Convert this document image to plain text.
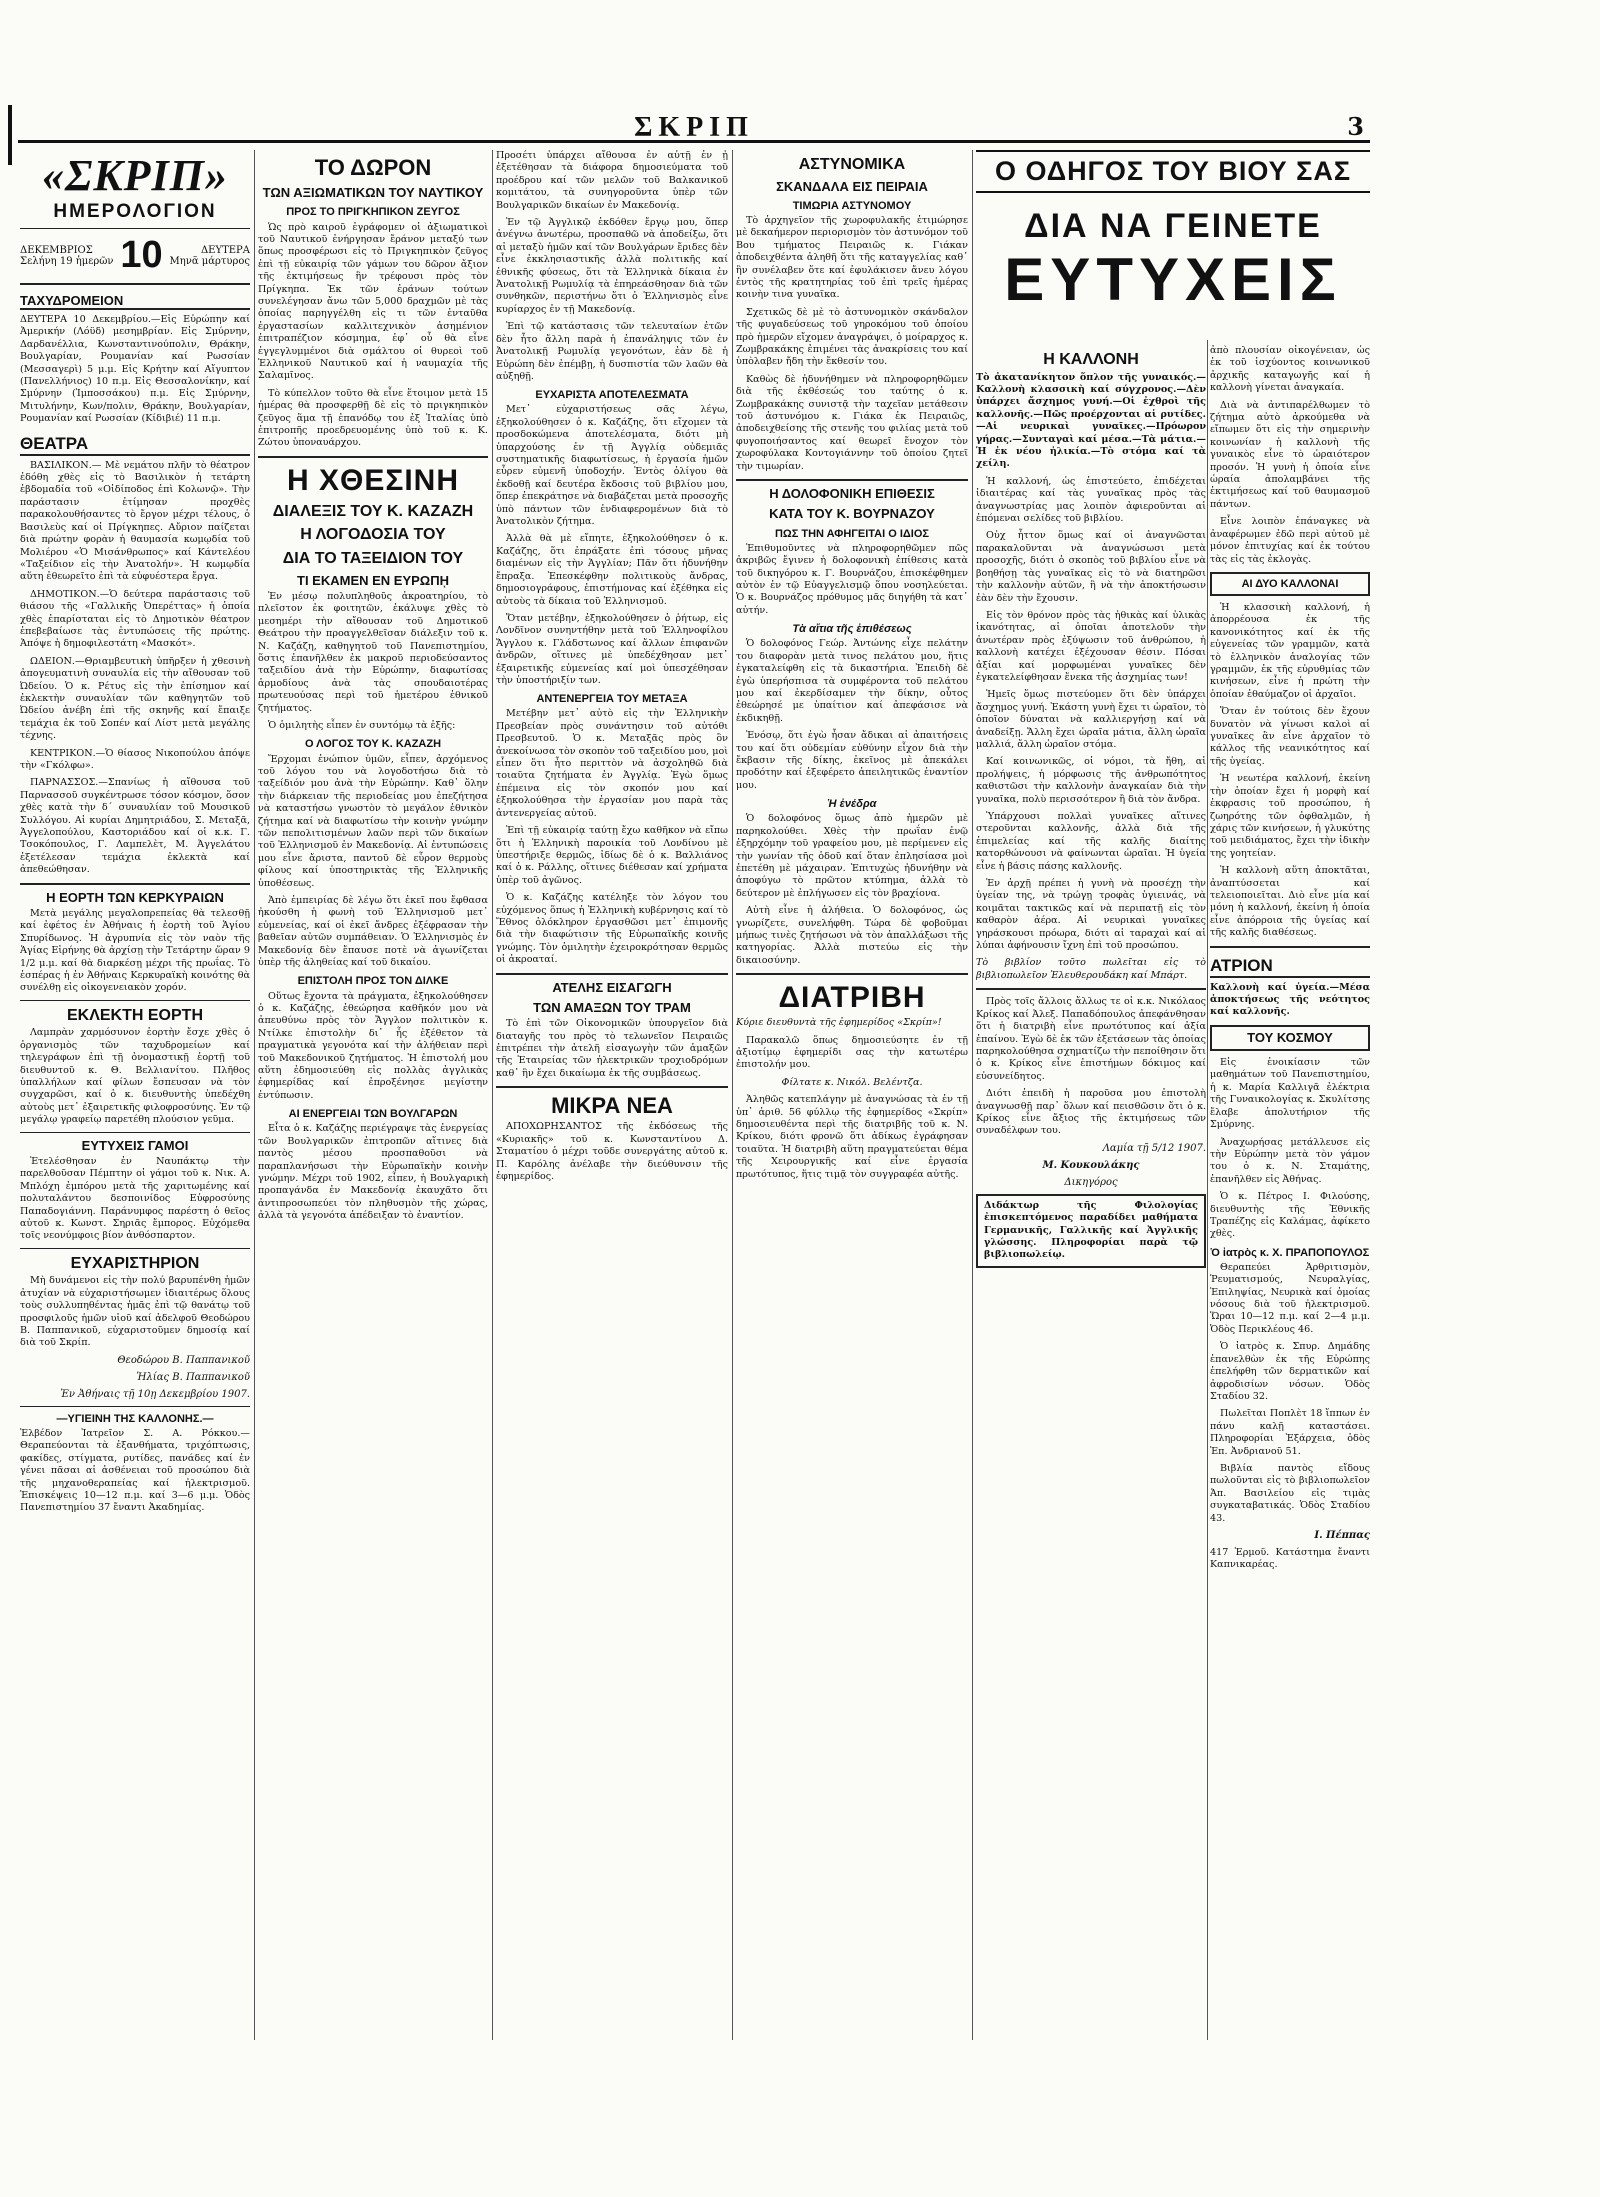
ΣΚΡΙΠ	3
«ΣΚΡΙΠ»
ΗΜΕΡΟΛΟΓΙΟΝ
ΔΕΚΕΜΒΡΙΟΣ
Σελήνη 19 ἡμερῶν 10	ΔΕΥΤΕΡΑ
Μηνᾶ μάρτυρος
ΤΑΧΥΔΡΟΜΕΙΟΝ

ΔΕΥΤΕΡΑ 10 Δεκεμβρίου.—Εἰς Εὐρώπην καί Ἀμερικήν (Λόϋδ) μεσημβρίαν. Εἰς Σμύρνην, Δαρδανέλλια, Κωνσταντινούπολιν, Θράκην, Βουλγαρίαν, Ρουμανίαν καί Ρωσσίαν (Μεσσαγερὶ) 5 μ.μ. Εἰς Κρήτην καί Αἴγυπτον (Πανελλήνιος) 10 π.μ. Εἰς Θεσσαλονίκην, καί Σμύρνην (Ἰμποσσάκου) π.μ. Εἰς Σμύρνην, Μιτυλήνην, Κων/πολιν, Θράκην, Βουλγαρίαν, Ρουμανίαν καί Ρωσσίαν (Κίδιβιέ) 11 π.μ.

ΘΕΑΤΡΑ

ΒΑΣΙΛΙΚΟΝ.— Μὲ νεμάτου πλῆν τὸ θέατρον ἐδόθη χθὲς εἰς τὸ Βασιλικὸν ἡ τετάρτη ἐβδομαδία τοῦ «Οἰδίποδος ἐπὶ Κολωνῷ». Τὴν παράστασιν ἐτίμησαν προχθὲς παρακολουθήσαντες τὸ ἔργον μέχρι τέλους, ὁ Βασιλεὺς καί οἱ Πρίγκηπες. Αὔριον παίζεται διὰ πρώτην φορὰν ἡ θαυμασία κωμῳδία τοῦ Μολιέρου «Ὁ Μισάνθρωπος» καί Κάντελέου «Ταξείδιον εἰς τὴν Ἀνατολήν». Ἡ κωμῳδία αὕτη ἐθεωρεῖτο ἐπὶ τὰ εὐφυέστερα ἔργα.

ΔΗΜΟΤΙΚΟΝ.—Ὁ δεύτερα παράστασις τοῦ θιάσου τῆς «Γαλλικῆς Ὀπερέττας» ἡ ὁποία χθὲς ἐπαρίσταται εἰς τὸ Δημοτικὸν θέατρον ἐπεβεβαίωσε τὰς ἐντυπώσεις τῆς πρώτης. Ἀπόψε ἡ δημοφιλεστάτη «Μασκότ».

ΩΔΕΙΟΝ.—Θριαμβευτικὴ ὑπῆρξεν ἡ χθεσινὴ ἀπογευματινὴ συναυλία εἰς τὴν αἴθουσαν τοῦ Ὠδείου. Ὁ κ. Ρέτυς εἰς τὴν ἐπίσημον καί ἐκλεκτὴν συναυλίαν τῶν καθηγητῶν τοῦ Ὠδείου ἀνέβη ἐπὶ τῆς σκηνῆς καί ἔπαιξε τεμάχια ἐκ τοῦ Σοπέν καί Λίστ μετὰ μεγάλης τέχνης.

ΚΕΝΤΡΙΚΟΝ.—Ὁ θίασος Νικοπούλου ἀπόψε τὴν «Γκόλφω».

ΠΑΡΝΑΣΣΟΣ.—Σπανίως ἡ αἴθουσα τοῦ Παρνασσοῦ συγκέντρωσε τόσον κόσμον, ὅσον χθὲς κατὰ τὴν δ΄ συναυλίαν τοῦ Μουσικοῦ Συλλόγου. Αἱ κυρίαι Δημητριάδου, Σ. Μεταξᾶ, Ἀγγελοπούλου, Καστοριάδου καί οἱ κ.κ. Γ. Τσοκόπουλος, Γ. Λαμπελὲτ, Μ. Ἀγγελάτου ἐξετέλεσαν τεμάχια ἐκλεκτὰ καί ἀπεθεώθησαν.

Η ΕΟΡΤΗ ΤΩΝ ΚΕΡΚΥΡΑΙΩΝ

Μετὰ μεγάλης μεγαλοπρεπείας θὰ τελεσθῇ καί ἐφέτος ἐν Ἀθήναις ἡ ἑορτὴ τοῦ Ἁγίου Σπυρίδωνος. Ἡ ἀγρυπνία εἰς τὸν ναὸν τῆς Ἁγίας Εἰρήνης θὰ ἀρχίσῃ τὴν Τετάρτην ὥραν 9 1/2 μ.μ. καί θὰ διαρκέσῃ μέχρι τῆς πρωΐας. Τὸ ἑσπέρας ἡ ἐν Ἀθήναις Κερκυραϊκὴ κοινότης θὰ συνέλθῃ εἰς οἰκογενειακὸν χορόν.

ΕΚΛΕΚΤΗ ΕΟΡΤΗ

Λαμπρὰν χαρμόσυνον ἑορτὴν ἔσχε χθὲς ὁ ὀργανισμὸς τῶν ταχυδρομείων καί τηλεγράφων ἐπὶ τῇ ὀνομαστικῇ ἑορτῇ τοῦ διευθυντοῦ κ. Θ. Βελλιανίτου. Πλῆθος ὑπαλλήλων καί φίλων ἔσπευσαν νὰ τὸν συγχαρῶσι, καί ὁ κ. διευθυντὴς ὑπεδέχθη αὐτοὺς μετ᾽ ἐξαιρετικῆς φιλοφροσύνης. Ἐν τῷ μεγάλῳ γραφείῳ παρετέθη πλούσιον γεῦμα.

ΕΥΤΥΧΕΙΣ ΓΑΜΟΙ

Ἐτελέσθησαν ἐν Ναυπάκτῳ τὴν παρελθοῦσαν Πέμπτην οἱ γάμοι τοῦ κ. Νικ. Α. Μπλόχη ἐμπόρου μετὰ τῆς χαριτωμένης καί πολυταλάντου δεσποινίδος Εὐφροσύνης Παπαδογιάννη. Παράνυμφος παρέστη ὁ θεῖος αὐτοῦ κ. Κωνστ. Σηριᾶς ἔμπορος. Εὐχόμεθα τοῖς νεονύμφοις βίον ἀνθόσπαρτον.

ΕΥΧΑΡΙΣΤΗΡΙΟΝ

Μὴ δυνάμενοι εἰς τὴν πολύ βαρυπένθη ἡμῶν ἀτυχίαν νὰ εὐχαριστήσωμεν ἰδιαιτέρως ὅλους τοὺς συλλυπηθέντας ἡμᾶς ἐπὶ τῷ θανάτῳ τοῦ προσφιλοῦς ἡμῶν υἱοῦ καί ἀδελφοῦ Θεοδώρου Β. Παππανικοῦ, εὐχαριστοῦμεν δημοσίᾳ καί διὰ τοῦ Σκρίπ.

Θεοδώρου Β. Παππανικοῦ
Ἡλίας Β. Παππανικοῦ
Ἐν Ἀθήναις τῇ 10ῃ Δεκεμβρίου 1907.
—ΥΓΙΕΙΝΗ ΤΗΣ ΚΑΛΛΟΝΗΣ.—

Ἐλβέδον Ἰατρεῖον Σ. Α. Ρόκκου.—Θεραπεύονται τὰ ἐξανθήματα, τριχόπτωσις, φακίδες, στίγματα, ρυτίδες, πανάδες καί ἐν γένει πᾶσαι αἱ ἀσθένειαι τοῦ προσώπου διὰ τῆς μηχανοθεραπείας καί ἠλεκτρισμοῦ. Ἐπισκέψεις 10—12 π.μ. καί 3—6 μ.μ. Ὁδὸς Πανεπιστημίου 37 ἔναντι Ἀκαδημίας.

ΤΟ ΔΩΡΟΝ
ΤΩΝ ΑΞΙΩΜΑΤΙΚΩΝ ΤΟΥ ΝΑΥΤΙΚΟΥ
ΠΡΟΣ ΤΟ ΠΡΙΓΚΗΠΙΚΟΝ ΖΕΥΓΟΣ

Ὡς πρὸ καιροῦ ἐγράφομεν οἱ ἀξιωματικοὶ τοῦ Ναυτικοῦ ἐνήργησαν ἔράνον μεταξύ των ὅπως προσφέρωσι εἰς τὸ Πριγκηπικὸν ζεῦγος ἐπὶ τῇ εὐκαιρίᾳ τῶν γάμων του δῶρον ἄξιον τῆς ἐκτιμήσεως ἣν τρέφουσι πρὸς τὸν Πρίγκηπα. Ἐκ τῶν ἐράνων τούτων συνελέγησαν ἄνω τῶν 5,000 δραχμῶν μὲ τὰς ὁποίας παρηγγέλθη εἰς τι τῶν ἐνταῦθα ἐργαστασίων καλλιτεχνικὸν ἀσημένιον ἐπιτραπέζιον κόσμημα, ἐφ᾽ οὗ θὰ εἶνε ἐγγεγλυμμένοι διὰ σμάλτου οἱ θυρεοὶ τοῦ Ἑλληνικοῦ Ναυτικοῦ καί ἡ ναυμαχία τῆς Σαλαμῖνος.

Τὸ κύπελλον τοῦτο θὰ εἶνε ἕτοιμον μετὰ 15 ἡμέρας θὰ προσφερθῇ δὲ εἰς τὸ πριγκηπικὸν ζεῦγος ἅμα τῇ ἐπανόδῳ του ἐξ Ἰταλίας ὑπὸ ἐπιτροπῆς προεδρευομένης ὑπὸ τοῦ κ. Κ. Ζώτου ὑποναυάρχου.

Η ΧΘΕΣΙΝΗ
ΔΙΑΛΕΞΙΣ ΤΟΥ Κ. ΚΑΖΑΖΗ
Η ΛΟΓΟΔΟΣΙΑ ΤΟΥ
ΔΙΑ ΤΟ ΤΑΞΕΙΔΙΟΝ ΤΟΥ
ΤΙ ΕΚΑΜΕΝ ΕΝ ΕΥΡΩΠῌ

Ἐν μέσῳ πολυπληθοῦς ἀκροατηρίου, τὸ πλεῖστον ἐκ φοιτητῶν, ἐκάλυψε χθὲς τὸ μεσημέρι τὴν αἴθουσαν τοῦ Δημοτικοῦ Θεάτρου τὴν προαγγελθεῖσαν διάλεξιν τοῦ κ. Ν. Καζάζη, καθηγητοῦ τοῦ Πανεπιστημίου, ὅστις ἐπανῆλθεν ἐκ μακροῦ περιοδεύσαντος ταξειδίου ἀνὰ τὴν Εὐρώπην, διαφωτίσας ἁρμοδίους ἀνὰ τὰς σπουδαιοτέρας πρωτευούσας περὶ τοῦ ἡμετέρου ἐθνικοῦ ζητήματος.

Ὁ ὁμιλητὴς εἶπεν ἐν συντόμῳ τὰ ἑξῆς:

Ο ΛΟΓΟΣ ΤΟΥ Κ. ΚΑΖΑΖΗ

Ἔρχομαι ἐνώπιον ὑμῶν, εἶπεν, ἀρχόμενος τοῦ λόγου του νὰ λογοδοτήσω διὰ τὸ ταξείδιόν μου ἀνὰ τὴν Εὐρώπην. Καθ᾽ ὅλην τὴν διάρκειαν τῆς περιοδείας μου ἐπεζήτησα νὰ καταστήσω γνωστὸν τὸ μεγάλον ἐθνικὸν ζήτημα καί νὰ διαφωτίσω τὴν κοινὴν γνώμην τῶν πεπολιτισμένων λαῶν περὶ τῶν δικαίων τοῦ Ἑλληνισμοῦ ἐν Μακεδονίᾳ. Αἱ ἐντυπώσεις μου εἶνε ἄριστα, παντοῦ δὲ εὗρον θερμοὺς φίλους καί ὑποστηρικτὰς τῆς Ἑλληνικῆς ὑποθέσεως.

Ἀπὸ ἐμπειρίας δὲ λέγω ὅτι ἐκεῖ που ἔφθασα ἠκούσθη ἡ φωνὴ τοῦ Ἑλληνισμοῦ μετ᾽ εὐμενείας, καί οἱ ἐκεῖ ἄνδρες ἐξέφρασαν τὴν βαθεῖαν αὐτῶν συμπάθειαν. Ὁ Ἑλληνισμὸς ἐν Μακεδονίᾳ δὲν ἔπαυσε ποτὲ νὰ ἀγωνίζεται ὑπὲρ τῆς ἀληθείας καί τοῦ δικαίου.

ΕΠΙΣΤΟΛΗ ΠΡΟΣ ΤΟΝ ΔΙΛΚΕ

Οὕτως ἔχοντα τὰ πράγματα, ἐξηκολούθησεν ὁ κ. Καζάζης, ἐθεώρησα καθῆκόν μου νὰ ἀπευθύνω πρὸς τὸν Ἄγγλον πολιτικὸν κ. Ντίλκε ἐπιστολὴν δι᾽ ἧς ἐξέθετον τὰ πραγματικὰ γεγονότα καί τὴν ἀλήθειαν περὶ τοῦ Μακεδονικοῦ ζητήματος. Ἡ ἐπιστολή μου αὕτη ἐδημοσιεύθη εἰς πολλὰς ἀγγλικὰς ἐφημερίδας καί ἐπροξένησε μεγίστην ἐντύπωσιν.

ΑΙ ΕΝΕΡΓΕΙΑΙ ΤΩΝ ΒΟΥΛΓΑΡΩΝ

Εἶτα ὁ κ. Καζάζης περιέγραψε τὰς ἐνεργείας τῶν Βουλγαρικῶν ἐπιτροπῶν αἵτινες διὰ παντὸς μέσου προσπαθοῦσι νὰ παραπλανήσωσι τὴν Εὐρωπαϊκὴν κοινὴν γνώμην. Μέχρι τοῦ 1902, εἶπεν, ἡ Βουλγαρικὴ προπαγάνδα ἐν Μακεδονίᾳ ἐκαυχᾶτο ὅτι ἀντιπροσωπεύει τὸν πληθυσμὸν τῆς χώρας, ἀλλὰ τὰ γεγονότα ἀπέδειξαν τὸ ἐναντίον.

Προσέτι ὑπάρχει αἴθουσα ἐν αὐτῇ ἐν ᾗ ἐξετέθησαν τὰ διάφορα δημοσιεύματα τοῦ προέδρου καί τῶν μελῶν τοῦ Βαλκανικοῦ κομιτάτου, τὰ συνηγοροῦντα ὑπὲρ τῶν Βουλγαρικῶν δικαίων ἐν Μακεδονίᾳ.

Ἐν τῷ Ἀγγλικῷ ἐκδόθεν ἔργῳ μου, ὅπερ ἀνέγνω ἀνωτέρω, προσπαθῶ νὰ ἀποδείξω, ὅτι αἱ μεταξὺ ἡμῶν καί τῶν Βουλγάρων ἔριδες δὲν εἶνε ἐκκλησιαστικῆς ἀλλὰ πολιτικῆς καί ἐθνικῆς φύσεως, ὅτι τὰ Ἑλληνικὰ δίκαια ἐν Ἀνατολικῇ Ρωμυλίᾳ τὰ ἐπηρεάσθησαν διὰ τῶν συνθηκῶν, περιστήνω ὅτι ὁ Ἑλληνισμὸς εἶνε κυρίαρχος ἐν τῇ Μακεδονίᾳ.

Ἐπὶ τῷ κατάστασις τῶν τελευταίων ἐτῶν δὲν ἦτο ἄλλη παρὰ ἡ ἐπανάληψις τῶν ἐν Ἀνατολικῇ Ρωμυλίᾳ γεγονότων, ἐὰν δὲ ἡ Εὐρώπη δὲν ἐπέμβῃ, ἡ δυσπιστία τῶν λαῶν θὰ αὐξηθῇ.

ΕΥΧΑΡΙΣΤΑ ΑΠΟΤΕΛΕΣΜΑΤΑ

Μετ᾽ εὐχαριστήσεως σᾶς λέγω, ἐξηκολούθησεν ὁ κ. Καζάζης, ὅτι εἴχομεν τὰ προσδοκώμενα ἀποτελέσματα, διότι μὴ ὑπαρχούσης ἐν τῇ Ἀγγλίᾳ οὐδεμιᾶς συστηματικῆς διαφωτίσεως, ἡ ἐργασία ἡμῶν εὗρεν εὐμενῆ ὑποδοχήν. Ἐντὸς ὀλίγου θὰ ἐκδοθῇ καί δευτέρα ἔκδοσις τοῦ βιβλίου μου, ὅπερ ἐπεκράτησε νὰ διαβάζεται μετὰ προσοχῆς ὑπὸ πάντων τῶν ἐνδιαφερομένων διὰ τὸ Ἀνατολικὸν ζήτημα.

Ἀλλὰ θὰ μὲ εἴπητε, ἐξηκολούθησεν ὁ κ. Καζάζης, ὅτι ἐπράξατε ἐπὶ τόσους μῆνας διαμένων εἰς τὴν Ἀγγλίαν; Πᾶν ὅτι ἠδυνήθην ἔπραξα. Ἐπεσκέφθην πολιτικοὺς ἄνδρας, δημοσιογράφους, ἐπιστήμονας καί ἐξέθηκα εἰς αὐτοὺς τὰ δίκαια τοῦ Ἑλληνισμοῦ.

Ὅταν μετέβην, ἐξηκολούθησεν ὁ ῥήτωρ, εἰς Λονδῖνον συνηντήθην μετὰ τοῦ Ἑλληνοφίλου Ἄγγλου κ. Γλάδστωνος καί ἄλλων ἐπιφανῶν ἀνδρῶν, οἵτινες μὲ ὑπεδέχθησαν μετ᾽ ἐξαιρετικῆς εὐμενείας καί μοὶ ὑπεσχέθησαν τὴν ὑποστήριξίν των.

ΑΝΤΕΝΕΡΓΕΙΑ ΤΟΥ ΜΕΤΑΞΑ

Μετέβην μετ᾽ αὐτὸ εἰς τὴν Ἑλληνικὴν Πρεσβείαν πρὸς συνάντησιν τοῦ αὐτόθι Πρεσβευτοῦ. Ὁ κ. Μεταξᾶς πρὸς ὃν ἀνεκοίνωσα τὸν σκοπὸν τοῦ ταξειδίου μου, μοὶ εἶπεν ὅτι ἦτο περιττὸν νὰ ἀσχοληθῶ διὰ τοιαῦτα ζητήματα ἐν Ἀγγλίᾳ. Ἐγὼ ὅμως ἐπέμεινα εἰς τὸν σκοπόν μου καί ἐξηκολούθησα τὴν ἐργασίαν μου παρὰ τὰς ἀντενεργείας αὐτοῦ.

Ἐπὶ τῇ εὐκαιρίᾳ ταύτῃ ἔχω καθῆκον νὰ εἴπω ὅτι ἡ Ἑλληνικὴ παροικία τοῦ Λονδίνου μὲ ὑπεστήριξε θερμῶς, ἰδίως δὲ ὁ κ. Βαλλιάνος καί ὁ κ. Ράλλης, οἵτινες διέθεσαν καί χρήματα ὑπὲρ τοῦ ἀγῶνος.

Ὁ κ. Καζάζης κατέληξε τὸν λόγον του εὐχόμενος ὅπως ἡ Ἑλληνικὴ κυβέρνησις καί τὸ Ἔθνος ὁλόκληρον ἐργασθῶσι μετ᾽ ἐπιμονῆς διὰ τὴν διαφώτισιν τῆς Εὐρωπαϊκῆς κοινῆς γνώμης. Τὸν ὁμιλητὴν ἐχειροκρότησαν θερμῶς οἱ ἀκροαταί.

ΑΤΕΛΗΣ ΕΙΣΑΓΩΓΗ
ΤΩΝ ΑΜΑΞΩΝ ΤΟΥ ΤΡΑΜ

Τὸ ἐπὶ τῶν Οἰκονομικῶν ὑπουργεῖον διὰ διαταγῆς του πρὸς τὸ τελωνεῖον Πειραιῶς ἐπιτρέπει τὴν ἀτελῆ εἰσαγωγὴν τῶν ἁμαξῶν τῆς Ἑταιρείας τῶν ἠλεκτρικῶν τροχιοδρόμων καθ᾽ ἣν ἔχει δικαίωμα ἐκ τῆς συμβάσεως.

ΜΙΚΡΑ ΝΕΑ

ΑΠΟΧΩΡΗΣΑΝΤΟΣ τῆς ἐκδόσεως τῆς «Κυριακῆς» τοῦ κ. Κωνσταντίνου Δ. Σταματίου ὁ μέχρι τοῦδε συνεργάτης αὐτοῦ κ. Π. Καρόλης ἀνέλαβε τὴν διεύθυνσιν τῆς ἐφημερίδος.

ΑΣΤΥΝΟΜΙΚΑ
ΣΚΑΝΔΑΛΑ ΕΙΣ ΠΕΙΡΑΙΑ
ΤΙΜΩΡΙΑ ΑΣΤΥΝΟΜΟΥ

Τὸ ἀρχηγεῖον τῆς χωροφυλακῆς ἐτιμώρησε μὲ δεκαήμερον περιορισμὸν τὸν ἀστυνόμον τοῦ Βου τμήματος Πειραιῶς κ. Γιάκαν ἀποδειχθέντα ἀληθῆ ὅτι τῆς καταγγελίας καθ᾽ ἣν συνέλαβεν ὅτε καί ἐφυλάκισεν ἄνευ λόγου ἐντὸς τῆς κρατητηρίας τοῦ ἐπὶ τρεῖς ἡμέρας κοινὴν τινα γυναῖκα.

Σχετικῶς δὲ μὲ τὸ ἀστυνομικὸν σκάνδαλον τῆς φυγαδεύσεως τοῦ γηροκόμου τοῦ ὁποίου πρὸ ἡμερῶν εἴχομεν ἀναγράψει, ὁ μοίραρχος κ. Ζωμβρακάκης ἐπιμένει τὰς ἀνακρίσεις του καί ὑπὸλαβεν ἤδη τὴν ἔκθεσίν του.

Καθὼς δὲ ἠδυνήθημεν νὰ πληροφορηθῶμεν διὰ τῆς ἐκθέσεώς του ταύτης ὁ κ. Ζωμβρακάκης συνιστᾷ τὴν ταχεῖαν μετάθεσιν τοῦ ἀστυνόμου κ. Γιάκα ἐκ Πειραιῶς, ἀποδειχθείσης τῆς στενῆς του φιλίας μετὰ τοῦ φυγοποιήσαντος καί θεωρεῖ ἔνοχον τὸν χωροφύλακα Κοντογιάννην τοῦ ὁποίου ζητεῖ τὴν τιμωρίαν.

Η ΔΟΛΟΦΟΝΙΚΗ ΕΠΙΘΕΣΙΣ
ΚΑΤΑ ΤΟΥ Κ. ΒΟΥΡΝΑΖΟΥ
ΠΩΣ ΤΗΝ ΑΦΗΓΕΙΤΑΙ Ο ΙΔΙΟΣ

Ἐπιθυμοῦντες νὰ πληροφορηθῶμεν πῶς ἀκριβῶς ἔγινεν ἡ δολοφονικὴ ἐπίθεσις κατὰ τοῦ δικηγόρου κ. Γ. Βουρνάζου, ἐπισκέφθημεν αὐτὸν ἐν τῷ Εὐαγγελισμῷ ὅπου νοσηλεύεται. Ὁ κ. Βουρνάζος πρόθυμος μᾶς διηγήθη τὰ κατ᾽ αὐτήν.

Τὰ αἴτια τῆς ἐπιθέσεως

Ὁ δολοφόνος Γεώρ. Ἀντώνης εἶχε πελάτην του διαφορὰν μετὰ τινος πελάτου μου, ἥτις ἐγκαταλείφθη εἰς τὰ δικαστήρια. Ἐπειδὴ δὲ ἐγὼ ὑπερήσπισα τὰ συμφέροντα τοῦ πελάτου μου καί ἐκερδίσαμεν τὴν δίκην, οὗτος ἐθεώρησέ με ὑπαίτιον καί ἀπεφάσισε νὰ ἐκδικηθῇ.

Ἐνόσῳ, ὅτι ἐγὼ ἦσαν ἄδικαι αἱ ἀπαιτήσεις του καί ὅτι οὐδεμίαν εὐθύνην εἶχον διὰ τὴν ἔκβασιν τῆς δίκης, ἐκεῖνος μὲ ἀπεκάλει προδότην καί ἐξεφέρετο ἀπειλητικῶς ἐναντίον μου.

Ἡ ἐνέδρα

Ὁ δολοφόνος ὅμως ἀπὸ ἡμερῶν μὲ παρηκολούθει. Χθὲς τὴν πρωΐαν ἐνῷ ἐξηρχόμην τοῦ γραφείου μου, μὲ περίμενεν εἰς τὴν γωνίαν τῆς ὁδοῦ καί ὅταν ἐπλησίασα μοὶ ἐπετέθη μὲ μάχαιραν. Ἐπιτυχὼς ἠδυνήθην νὰ ἀποφύγω τὸ πρῶτον κτύπημα, ἀλλὰ τὸ δεύτερον μὲ ἐπλήγωσεν εἰς τὸν βραχίονα.

Αὐτὴ εἶνε ἡ ἀλήθεια. Ὁ δολοφόνος, ὡς γνωρίζετε, συνελήφθη. Τώρα δὲ φοβοῦμαι μήπως τινὲς ζητήσωσι νὰ τὸν ἀπαλλάξωσι τῆς κατηγορίας. Ἀλλὰ πιστεύω εἰς τὴν δικαιοσύνην.

ΔΙΑΤΡΙΒΗ

Κύριε διευθυντὰ τῆς ἐφημερίδος «Σκρίπ»!

Παρακαλῶ ὅπως δημοσιεύσητε ἐν τῇ ἀξιοτίμῳ ἐφημερίδι σας τὴν κατωτέρω ἐπιστολήν μου.

Φίλτατε κ. Νικόλ. Βελέντζα.

Ἀληθῶς κατεπλάγην μὲ ἀναγνώσας τὰ ἐν τῇ ὑπ᾽ ἀριθ. 56 φύλλῳ τῆς ἐφημερίδος «Σκρίπ» δημοσιευθέντα περὶ τῆς διατριβῆς τοῦ κ. Ν. Κρίκου, διότι φρονῶ ὅτι ἀδίκως ἐγράφησαν τοιαῦτα. Ἡ διατριβὴ αὕτη πραγματεύεται θέμα τῆς Χειρουργικῆς καί εἶνε ἐργασία πρωτότυπος, ἥτις τιμᾷ τὸν συγγραφέα αὐτῆς.

Ο ΟΔΗΓΟΣ ΤΟΥ ΒΙΟΥ ΣΑΣ
ΔΙΑ ΝΑ ΓΕΙΝΕΤΕ
ΕΥΤΥΧΕΙΣ
Η ΚΑΛΛΟΝΗ

Τὸ ἀκατανίκητον ὅπλον τῆς γυναικός.—Καλλονὴ κλασσικὴ καί σύγχρονος.—Δὲν ὑπάρχει ἄσχημος γυνή.—Οἱ ἐχθροὶ τῆς καλλονῆς.—Πῶς προέρχονται αἱ ρυτίδες.—Αἱ νευρικαὶ γυναῖκες.—Πρόωρον γήρας.—Συνταγαὶ καί μέσα.—Τὰ μάτια.—Ἡ ἐκ νέου ἡλικία.—Τὸ στόμα καί τὰ χείλη.

Ἡ καλλονή, ὡς ἐπιστεύετο, ἐπιδέχεται ἰδιαιτέρας καί τὰς γυναῖκας πρὸς τὰς ἀναγνωστρίας μας λοιπὸν ἀφιεροῦνται αἱ ἐπόμεναι σελίδες τοῦ βιβλίου.

Οὐχ ἧττον ὅμως καί οἱ ἀναγνῶσται παρακαλοῦνται νὰ ἀναγνώσωσι μετὰ προσοχῆς, διότι ὁ σκοπὸς τοῦ βιβλίου εἶνε νὰ βοηθήσῃ τὰς γυναῖκας εἰς τὸ νὰ διατηρῶσι τὴν καλλονὴν αὐτῶν, ἢ νὰ τὴν ἀποκτήσωσιν ἐὰν δὲν τὴν ἔχουσιν.

Εἰς τὸν θρόνον πρὸς τὰς ἠθικὰς καί ὑλικὰς ἱκανότητας, αἱ ὁποῖαι ἀποτελοῦν τὴν ἀνωτέραν πρὸς ἐξύψωσιν τοῦ ἀνθρώπου, ἡ καλλονὴ κατέχει ἐξέχουσαν θέσιν. Πόσαι ἀξίαι καί μορφωμέναι γυναῖκες δὲν ἐγκατελείφθησαν ἕνεκα τῆς ἀσχημίας των!

Ἡμεῖς ὅμως πιστεύομεν ὅτι δὲν ὑπάρχει ἄσχημος γυνή. Ἐκάστη γυνὴ ἔχει τι ὡραῖον, τὸ ὁποῖον δύναται νὰ καλλιεργήσῃ καί νὰ ἀναδείξῃ. Ἄλλη ἔχει ὡραῖα μάτια, ἄλλη ὡραῖα μαλλιά, ἄλλη ὡραῖον στόμα.

Καί κοινωνικῶς, οἱ νόμοι, τὰ ἤθη, αἱ προλήψεις, ἡ μόρφωσις τῆς ἀνθρωπότητος καθιστῶσι τὴν καλλονὴν ἀναγκαίαν διὰ τὴν γυναῖκα, πολὺ περισσότερον ἢ διὰ τὸν ἄνδρα.

Ὑπάρχουσι πολλαὶ γυναῖκες αἵτινες στεροῦνται καλλονῆς, ἀλλὰ διὰ τῆς ἐπιμελείας καί τῆς καλῆς διαίτης κατορθώνουσι νὰ φαίνωνται ὡραῖαι. Ἡ ὑγεία εἶνε ἡ βάσις πάσης καλλονῆς.

Ἐν ἀρχῇ πρέπει ἡ γυνὴ νὰ προσέχῃ τὴν ὑγείαν της, νὰ τρώγῃ τροφὰς ὑγιεινάς, νὰ κοιμᾶται τακτικῶς καί νὰ περιπατῇ εἰς τὸν καθαρὸν ἀέρα. Αἱ νευρικαὶ γυναῖκες γηράσκουσι πρόωρα, διότι αἱ ταραχαὶ καί αἱ λύπαι ἀφήνουσιν ἴχνη ἐπὶ τοῦ προσώπου.

Τὸ βιβλίον τοῦτο πωλεῖται εἰς τὸ βιβλιοπωλεῖον Ἐλευθερουδάκη καί Μπάρτ.

Πρὸς τοῖς ἄλλοις ἄλλως τε οἱ κ.κ. Νικόλαος Κρίκος καί Ἀλεξ. Παπαδόπουλος ἀπεφάνθησαν ὅτι ἡ διατριβὴ εἶνε πρωτότυπος καί ἀξία ἐπαίνου. Ἐγὼ δὲ ἐκ τῶν ἐξετάσεων τὰς ὁποίας παρηκολούθησα σχηματίζω τὴν πεποίθησιν ὅτι ὁ κ. Κρίκος εἶνε ἐπιστήμων δόκιμος καί εὐσυνείδητος.

Διότι ἐπειδὴ ἡ παροῦσα μου ἐπιστολὴ ἀναγνωσθῇ παρ᾽ ὅλων καί πεισθῶσιν ὅτι ὁ κ. Κρίκος εἶνε ἄξιος τῆς ἐκτιμήσεως τῶν συναδέλφων του.

Λαμία τῇ 5/12 1907.
Μ. Κουκουλάκης
Δικηγόρος

Διδάκτωρ τῆς Φιλολογίας ἐπισκεπτόμενος παραδίδει μαθήματα Γερμανικῆς, Γαλλικῆς καί Ἀγγλικῆς γλώσσης. Πληροφορίαι παρὰ τῷ βιβλιοπωλείῳ.

ἀπὸ πλουσίαν οἰκογένειαν, ὡς ἐκ τοῦ ἰσχύοντος κοινωνικοῦ ἀρχικῆς καταγωγῆς καί ἡ καλλονὴ γίνεται ἀναγκαία.

Διὰ νὰ ἀντιπαρέλθωμεν τὸ ζήτημα αὐτὸ ἀρκούμεθα νὰ εἴπωμεν ὅτι εἰς τὴν σημερινὴν κοινωνίαν ἡ καλλονὴ τῆς γυναικὸς εἶνε τὸ ὡραιότερον προσόν. Ἡ γυνὴ ἡ ὁποία εἶνε ὡραία ἀπολαμβάνει τῆς ἐκτιμήσεως καί τοῦ θαυμασμοῦ πάντων.

Εἶνε λοιπὸν ἐπάναγκες νὰ ἀναφέρωμεν ἐδῶ περὶ αὐτοῦ μὲ μόνον ἐπιτυχίας καί ἐκ τούτου τὰς εἰς τὰς ἐκλογὰς.

ΑΙ ΔΥΟ ΚΑΛΛΟΝΑΙ

Ἡ κλασσικὴ καλλονή, ἡ ἀπορρέουσα ἐκ τῆς κανονικότητος καί ἐκ τῆς εὐγενείας τῶν γραμμῶν, κατὰ τὸ ἑλληνικὸν ἀναλογίας τῶν γραμμῶν, ἐκ τῆς εὐρυθμίας τῶν κινήσεων, εἶνε ἡ πρώτη τὴν ὁποίαν ἐθαύμαζον οἱ ἀρχαῖοι.

Ὅταν ἐν τούτοις δὲν ἔχουν δυνατὸν νὰ γίνωσι καλοὶ αἱ γυναῖκες ἂν εἶνε ἀρχαῖον τὸ κάλλος τῆς νεανικότητος καί τῆς ὑγείας.

Ἡ νεωτέρα καλλονή, ἐκείνη τὴν ὁποίαν ἔχει ἡ μορφὴ καί ἐκφρασις τοῦ προσώπου, ἡ ζωηρότης τῶν ὀφθαλμῶν, ἡ χάρις τῶν κινήσεων, ἡ γλυκύτης τοῦ μειδιάματος, ἔχει τὴν ἰδικὴν της γοητείαν.

Ἡ καλλονὴ αὕτη ἀποκτᾶται, ἀναπτύσσεται καί τελειοποιεῖται. Διὸ εἶνε μία καί μόνη ἡ καλλονή, ἐκείνη ἡ ὁποία εἶνε ἀπόρροια τῆς ὑγείας καί τῆς καλῆς διαθέσεως.

ΑΤΡΙΟΝ

Καλλονὴ καί ὑγεία.—Μέσα ἀποκτήσεως τῆς νεότητος καί καλλονῆς.

ΤΟΥ ΚΟΣΜΟΥ

Εἰς ἐνοικίασιν τῶν μαθημάτων τοῦ Πανεπιστημίου, ἡ κ. Μαρία Καλλιγᾶ ἐλέκτρια τῆς Γυναικολογίας κ. Σκυλίτσης ἔλαβε ἀπολυτήριον τῆς Σμύρνης.

Ἀναχωρήσας μετάλλευσε εἰς τὴν Εὐρώπην μετὰ τὸν γάμον του ὁ κ. Ν. Σταμάτης, ἐπανῆλθεν εἰς Ἀθήνας.

Ὁ κ. Πέτρος Ι. Φιλούσης, διευθυντὴς τῆς Ἐθνικῆς Τραπέζης εἰς Καλάμας, ἀφίκετο χθὲς.

Ὁ ἰατρὸς κ. Χ. ΠΡΑΠΟΠΟΥΛΟΣ

Θεραπεύει Ἀρθριτισμὸν, Ῥευματισμούς, Νευραλγίας, Ἐπιληψίας, Νευρικὰ καί ὁμοίας νόσους διὰ τοῦ ἠλεκτρισμοῦ. Ὥραι 10—12 π.μ. καί 2—4 μ.μ. Ὁδὸς Περικλέους 46.

Ὁ ἰατρὸς κ. Σπυρ. Δημάδης ἐπανελθὼν ἐκ τῆς Εὐρώπης ἐπελήφθη τῶν δερματικῶν καί ἀφροδισίων νόσων. Ὁδὸς Σταδίου 32.

Πωλεῖται Ποπλὲτ 18 ἵππων ἐν πάνυ καλῇ καταστάσει. Πληροφορίαι Ἐξάρχεια, ὁδὸς Ἐπ. Ἀνδριανοῦ 51.

Βιβλία παντὸς εἴδους πωλοῦνται εἰς τὸ βιβλιοπωλεῖον Ἀπ. Βασιλείου εἰς τιμὰς συγκαταβατικάς. Ὁδὸς Σταδίου 43.

Ι. Πέππας

417 Ἑρμοῦ. Κατάστημα ἔναντι Καπνικαρέας.
